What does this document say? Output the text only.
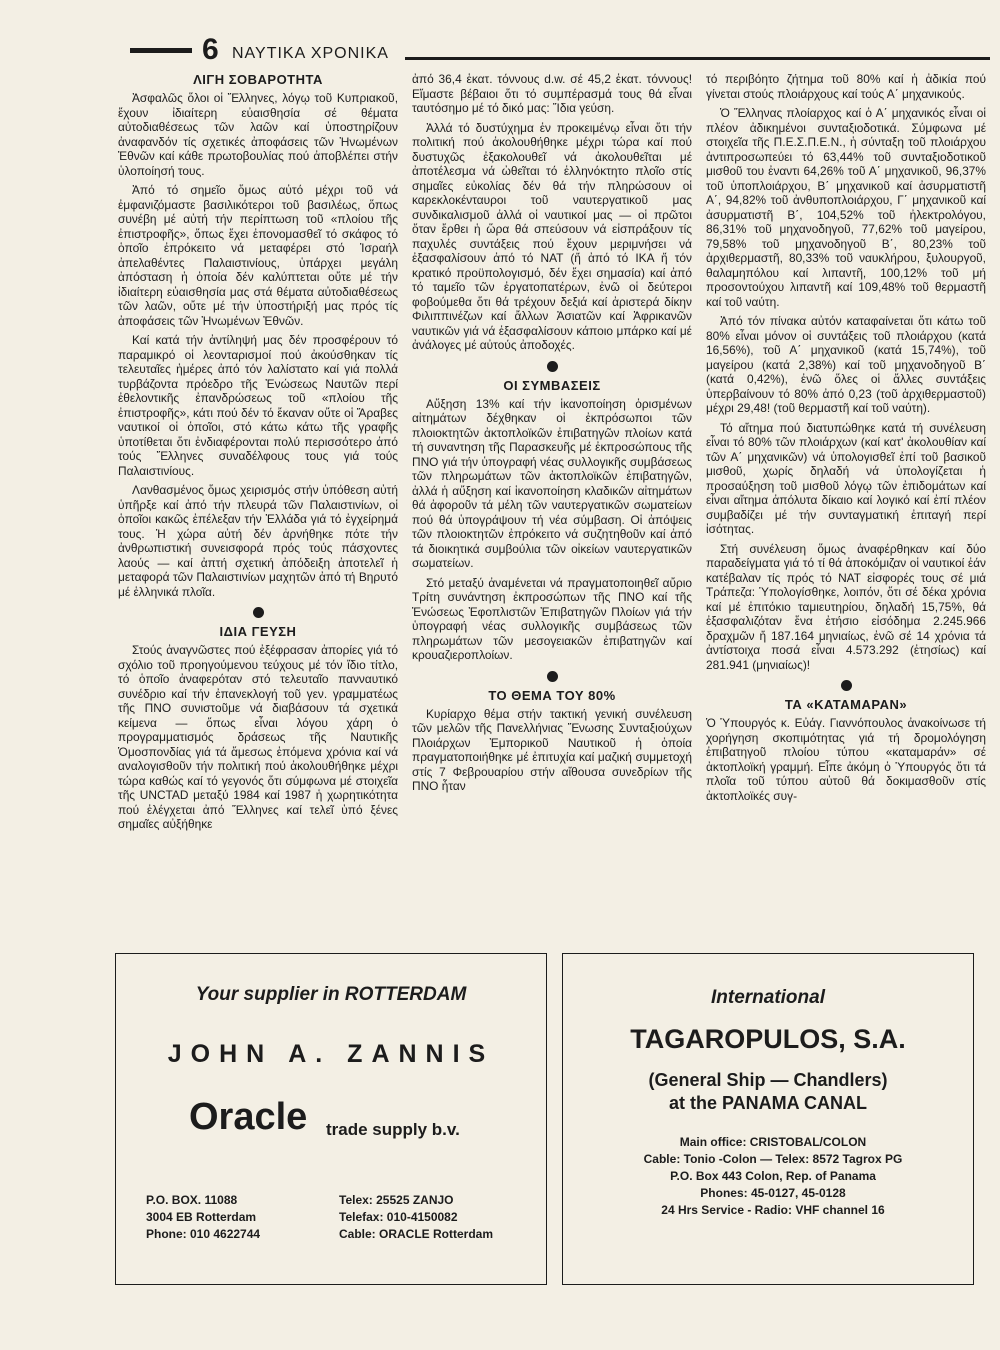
6 ΝΑΥΤΙΚΑ ΧΡΟΝΙΚΑ
ΛΙΓΗ ΣΟΒΑΡΟΤΗΤΑ

Ἀσφαλῶς ὅλοι οἱ Ἕλληνες, λόγῳ τοῦ Κυπριακοῦ, ἔχουν ἰδιαίτερη εὐαισθησία σέ θέματα αὐτοδιαθέσεως τῶν λαῶν καί ὑποστηρίζουν ἀναφανδόν τίς σχετικές ἀποφάσεις τῶν Ἡνωμένων Ἐθνῶν καί κάθε πρωτοβουλίας πού ἀποβλέπει στήν ὑλοποίησή τους.

Ἀπό τό σημεῖο ὅμως αὐτό μέχρι τοῦ νά ἐμφανιζόμαστε βασιλικότεροι τοῦ βασιλέως, ὅπως συνέβη μέ αὐτή τήν περίπτωση τοῦ «πλοίου τῆς ἐπιστροφῆς», ὅπως ἔχει ἐπονομασθεῖ τό σκάφος τό ὁποῖο ἐπρόκειτο νά μεταφέρει στό Ἰσραήλ ἀπελαθέντες Παλαιστινίους, ὑπάρχει μεγάλη ἀπόσταση ἡ ὁποία δέν καλύπτεται οὔτε μέ τήν ἰδιαίτερη εὐαισθησία μας στά θέματα αὐτοδιαθέσεως τῶν λαῶν, οὔτε μέ τήν ὑποστήριξή μας πρός τίς ἀποφάσεις τῶν Ἡνωμένων Ἐθνῶν.

Καί κατά τήν ἀντίληψή μας δέν προσφέρουν τό παραμικρό οἱ λεονταρισμοί πού ἀκούσθηκαν τίς τελευταῖες ἡμέρες ἀπό τόν λαλίστατο καί γιά πολλά τυρβάζοντα πρόεδρο τῆς Ἐνώσεως Ναυτῶν περί ἐθελοντικῆς ἐπανδρώσεως τοῦ «πλοίου τῆς ἐπιστροφῆς», κάτι πού δέν τό ἔκαναν οὔτε οἱ Ἄραβες ναυτικοί οἱ ὁποῖοι, στό κάτω κάτω τῆς γραφῆς ὑποτίθεται ὅτι ἐνδιαφέρονται πολύ περισσότερο ἀπό τούς Ἕλληνες συναδέλφους τους γιά τούς Παλαιστινίους.

Λανθασμένος ὅμως χειρισμός στήν ὑπόθεση αὐτή ὑπῆρξε καί ἀπό τήν πλευρά τῶν Παλαιστινίων, οἱ ὁποῖοι κακῶς ἐπέλεξαν τήν Ἑλλάδα γιά τό ἐγχείρημά τους. Ἡ χώρα αὐτή δέν ἀρνήθηκε πότε τήν ἀνθρωπιστική συνεισφορά πρός τούς πάσχοντες λαούς — καί ἀπτή σχετική ἀπόδειξη ἀποτελεῖ ἡ μεταφορά τῶν Παλαιστινίων μαχητῶν ἀπό τή Βηρυτό μέ ἑλληνικά πλοῖα.

ΙΔΙΑ ΓΕΥΣΗ

Στούς ἀναγνῶστες πού ἐξέφρασαν ἀπορίες γιά τό σχόλιο τοῦ προηγούμενου τεύχους μέ τόν ἴδιο τίτλο, τό ὁποῖο ἀναφερόταν στό τελευταῖο πανναυτικό συνέδριο καί τήν ἐπανεκλογή τοῦ γεν. γραμματέως τῆς ΠΝΟ συνιστοῦμε νά διαβάσουν τά σχετικά κείμενα — ὅπως εἶναι λόγου χάρη ὁ προγραμματισμός δράσεως τῆς Ναυτικῆς Ὁμοσπονδίας γιά τά ἄμεσως ἑπόμενα χρόνια καί νά αναλογισθοῦν τήν πολιτική πού ἀκολουθήθηκε μέχρι τώρα καθώς καί τό γεγονός ὅτι σύμφωνα μέ στοιχεῖα τῆς UNCTAD μεταξύ 1984 καί 1987 ἡ χωρητικότητα πού ἐλέγχεται ἀπό Ἕλληνες καί τελεῖ ὑπό ξένες σημαῖες αὐξήθηκε

ἀπό 36,4 ἑκατ. τόννους d.w. σέ 45,2 ἑκατ. τόννους! Εἴμαστε βέβαιοι ὅτι τό συμπέρασμά τους θά εἶναι ταυτόσημο μέ τό δικό μας: Ἴδια γεύση.

Ἀλλά τό δυστύχημα ἐν προκειμένῳ εἶναι ὅτι τήν πολιτική πού ἀκολουθήθηκε μέχρι τώρα καί πού δυστυχῶς ἐξακολουθεῖ νά ἀκολουθεῖται μέ ἀποτέλεσμα νά ὠθεῖται τό ἑλληνόκτητο πλοῖο στίς σημαῖες εὐκολίας δέν θά τήν πληρώσουν οἱ καρεκλοκένταυροι τοῦ ναυτεργατικοῦ μας συνδικαλισμοῦ ἀλλά οἱ ναυτικοί μας — οἱ πρῶτοι ὅταν ἔρθει ἡ ὥρα θά σπεύσουν νά εἰσπράξουν τίς παχυλές συντάξεις πού ἔχουν μεριμνήσει νά ἐξασφαλίσουν ἀπό τό ΝΑΤ (ἤ ἀπό τό ΙΚΑ ἤ τόν κρατικό προϋπολογισμό, δέν ἔχει σημασία) καί ἀπό τό ταμεῖο τῶν ἐργατοπατέρων, ἐνῶ οἱ δεύτεροι φοβούμεθα ὅτι θά τρέχουν δεξιά καί ἀριστερά δίκην Φιλιππινέζων καί ἄλλων Ἀσιατῶν καί Ἀφρικανῶν ναυτικῶν γιά νά ἐξασφαλίσουν κάποιο μπάρκο καί μέ ἀνάλογες μέ αὐτούς ἀποδοχές.

ΟΙ ΣΥΜΒΑΣΕΙΣ

Αὔξηση 13% καί τήν ἱκανοποίηση ὁρισμένων αἰτημάτων δέχθηκαν οἱ ἐκπρόσωποι τῶν πλοιοκτητῶν ἀκτοπλοϊκῶν ἐπιβατηγῶν πλοίων κατά τή συναντηση τῆς Παρασκευῆς μέ ἐκπροσώπους τῆς ΠΝΟ γιά τήν ὑπογραφή νέας συλλογικῆς συμβάσεως τῶν πληρωμάτων τῶν ἀκτοπλοϊκῶν ἐπιβατηγῶν, ἀλλά ἡ αὔξηση καί ἱκανοποίηση κλαδικῶν αἰτημάτων θά ἀφοροῦν τά μέλη τῶν ναυτεργατικῶν σωματείων πού θά ὑπογράψουν τή νέα σύμβαση. Οἱ ἀπόψεις τῶν πλοιοκτητῶν ἐπρόκειτο νά συζητηθοῦν καί ἀπό τά διοικητικά συμβούλια τῶν οἰκείων ναυτεργατικῶν σωματείων.

Στό μεταξύ ἀναμένεται νά πραγματοποιηθεῖ αὔριο Τρίτη συνάντηση ἐκπροσώπων τῆς ΠΝΟ καί τῆς Ἐνώσεως Ἐφοπλιστῶν Ἐπιβατηγῶν Πλοίων γιά τήν ὑπογραφή νέας συλλογικῆς συμβάσεως τῶν πληρωμάτων τῶν μεσογειακῶν ἐπιβατηγῶν καί κρουαζιεροπλοίων.

ΤΟ ΘΕΜΑ ΤΟΥ 80%

Κυρίαρχο θέμα στήν τακτική γενική συνέλευση τῶν μελῶν τῆς Πανελλήνιας Ἕνωσης Συνταξιούχων Πλοιάρχων Ἐμπορικοῦ Ναυτικοῦ ἡ ὁποία πραγματοποιήθηκε μέ ἐπιτυχία καί μαζική συμμετοχή στίς 7 Φεβρουαρίου στήν αἴθουσα συνεδρίων τῆς ΠΝΟ ἦταν

τό περιβόητο ζήτημα τοῦ 80% καί ἡ ἀδικία πού γίνεται στούς πλοιάρχους καί τούς Α΄ μηχανικούς.

Ὁ Ἕλληνας πλοίαρχος καί ὁ Α΄ μηχανικός εἶναι οἱ πλέον ἀδικημένοι συνταξιοδοτικά. Σύμφωνα μέ στοιχεῖα τῆς Π.Ε.Σ.Π.Ε.Ν., ἡ σύνταξη τοῦ πλοιάρχου ἀντιπροσωπεύει τό 63,44% τοῦ συνταξιοδοτικοῦ μισθοῦ του ἐναντι 64,26% τοῦ Α΄ μηχανικοῦ, 96,37% τοῦ ὑποπλοιάρχου, Β΄ μηχανικοῦ καί ἀσυρματιστῆ Α΄, 94,82% τοῦ ἀνθυποπλοιάρχου, Γ΄ μηχανικοῦ καί ἀσυρματιστῆ Β΄, 104,52% τοῦ ἠλεκτρολόγου, 86,31% τοῦ μηχανοδηγοῦ, 77,62% τοῦ μαγείρου, 79,58% τοῦ μηχανοδηγοῦ Β΄, 80,23% τοῦ ἀρχιθερμαστῆ, 80,33% τοῦ ναυκλήρου, ξυλουργοῦ, θαλαμηπόλου καί λιπαντῆ, 100,12% τοῦ μή προσοντούχου λιπαντῆ καί 109,48% τοῦ θερμαστῆ καί τοῦ ναύτη.

Ἀπό τόν πίνακα αὐτόν καταφαίνεται ὅτι κάτω τοῦ 80% εἶναι μόνον οἱ συντάξεις τοῦ πλοιάρχου (κατά 16,56%), τοῦ Α΄ μηχανικοῦ (κατά 15,74%), τοῦ μαγείρου (κατά 2,38%) καί τοῦ μηχανοδηγοῦ Β΄ (κατά 0,42%), ἐνῶ ὅλες οἱ ἄλλες συντάξεις ὑπερβαίνουν τό 80% ἀπό 0,23 (τοῦ ἀρχιθερμαστοῦ) μέχρι 29,48! (τοῦ θερμαστῆ καί τοῦ ναύτη).

Τό αἴτημα πού διατυπώθηκε κατά τή συνέλευση εἶναι τό 80% τῶν πλοιάρχων (καί κατ' ἀκολουθίαν καί τῶν Α΄ μηχανικῶν) νά ὑπολογισθεῖ ἐπί τοῦ βασικοῦ μισθοῦ, χωρίς δηλαδή νά ὑπολογίζεται ἡ προσαύξηση τοῦ μισθοῦ λόγῳ τῶν ἐπιδομάτων καί εἶναι αἴτημα ἀπόλυτα δίκαιο καί λογικό καί ἐπί πλέον συμβαδίζει μέ τήν συνταγματική ἐπιταγή περί ἰσότητας.

Στή συνέλευση ὅμως ἀναφέρθηκαν καί δύο παραδείγματα γιά τό τί θά ἀποκόμιζαν οἱ ναυτικοί ἐάν κατέβαλαν τίς πρός τό ΝΑΤ εἰσφορές τους σέ μιά Τράπεζα: Ὑπολογίσθηκε, λοιπόν, ὅτι σέ δέκα χρόνια καί μέ ἐπιτόκιο ταμιευτηρίου, δηλαδή 15,75%, θά ἐξασφαλιζόταν ἕνα ἐτήσιο εἰσόδημα 2.245.966 δραχμῶν ἤ 187.164 μηνιαίως, ἐνῶ σέ 14 χρόνια τά ἀντίστοιχα ποσά εἶναι 4.573.292 (ἐτησίως) καί 281.941 (μηνιαίως)!

ΤΑ «ΚΑΤΑΜΑΡΑΝ»

Ὁ Ὑπουργός κ. Εὐάγ. Γιαννόπουλος ἀνακοίνωσε τή χορήγηση σκοπιμότητας γιά τή δρομολόγηση ἐπιβατηγοῦ πλοίου τύπου «καταμαράν» σέ ἀκτοπλοϊκή γραμμή. Εἶπε ἀκόμη ὁ Ὑπουργός ὅτι τά πλοῖα τοῦ τύπου αὐτοῦ θά δοκιμασθοῦν στίς ἀκτοπλοϊκές συγ-

Your supplier in ROTTERDAM
JOHN A. ZANNIS
Oracle trade supply b.v.
P.O. BOX. 11088
3004 EB Rotterdam
Phone: 010 4622744
Telex: 25525 ZANJO
Telefax: 010-4150082
Cable: ORACLE Rotterdam
International
TAGAROPULOS, S.A.
(General Ship — Chandlers)
at the PANAMA CANAL
Main office: CRISTOBAL/COLON
Cable: Tonio -Colon — Telex: 8572 Tagrox PG
P.O. Box 443 Colon, Rep. of Panama
Phones: 45-0127, 45-0128
24 Hrs Service - Radio: VHF channel 16
